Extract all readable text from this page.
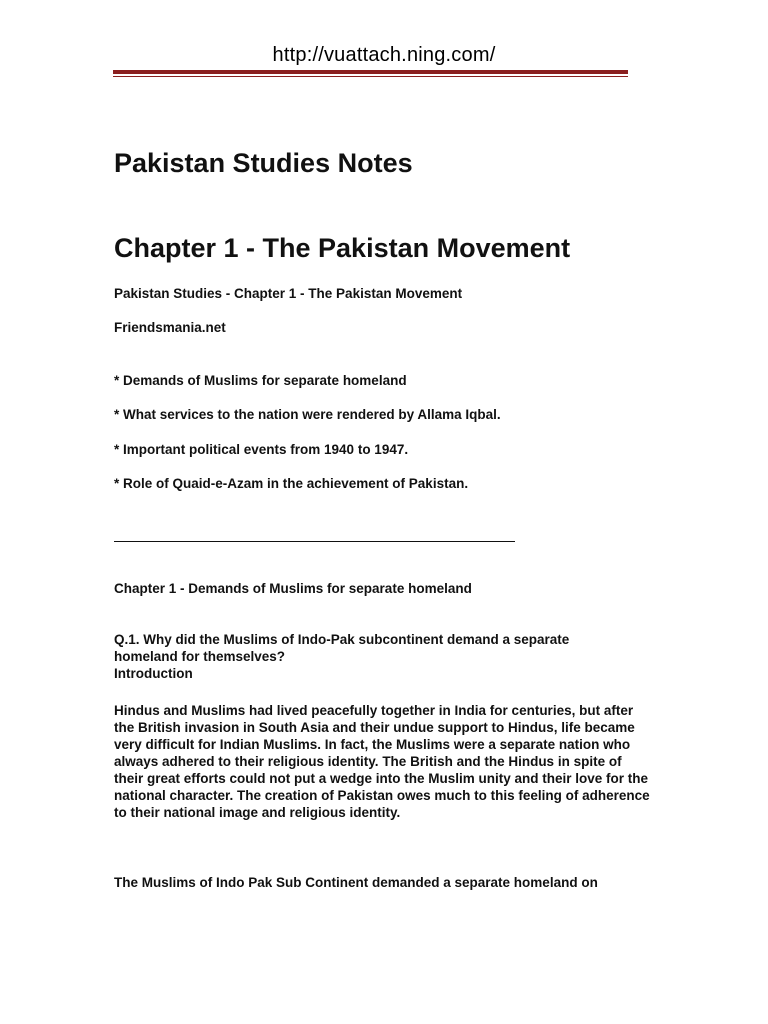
http://vuattach.ning.com/
Pakistan Studies Notes
Chapter 1 - The Pakistan Movement

Pakistan Studies - Chapter 1 - The Pakistan Movement

Friendsmania.net

* Demands of Muslims for separate homeland

* What services to the nation were rendered by Allama Iqbal.

* Important political events from 1940 to 1947.

* Role of Quaid-e-Azam in the achievement of Pakistan.

Chapter 1 - Demands of Muslims for separate homeland

Q.1. Why did the Muslims of Indo-Pak subcontinent demand a separate

homeland for themselves?

Introduction

Hindus and Muslims had lived peacefully together in India for centuries, but after the British invasion in South Asia and their undue support to Hindus, life became very difficult for Indian Muslims. In fact, the Muslims were a separate nation who always adhered to their religious identity. The British and the Hindus in spite of their great efforts could not put a wedge into the Muslim unity and their love for the national character. The creation of Pakistan owes much to this feeling of adherence to their national image and religious identity.

The Muslims of Indo Pak Sub Continent demanded a separate homeland on
